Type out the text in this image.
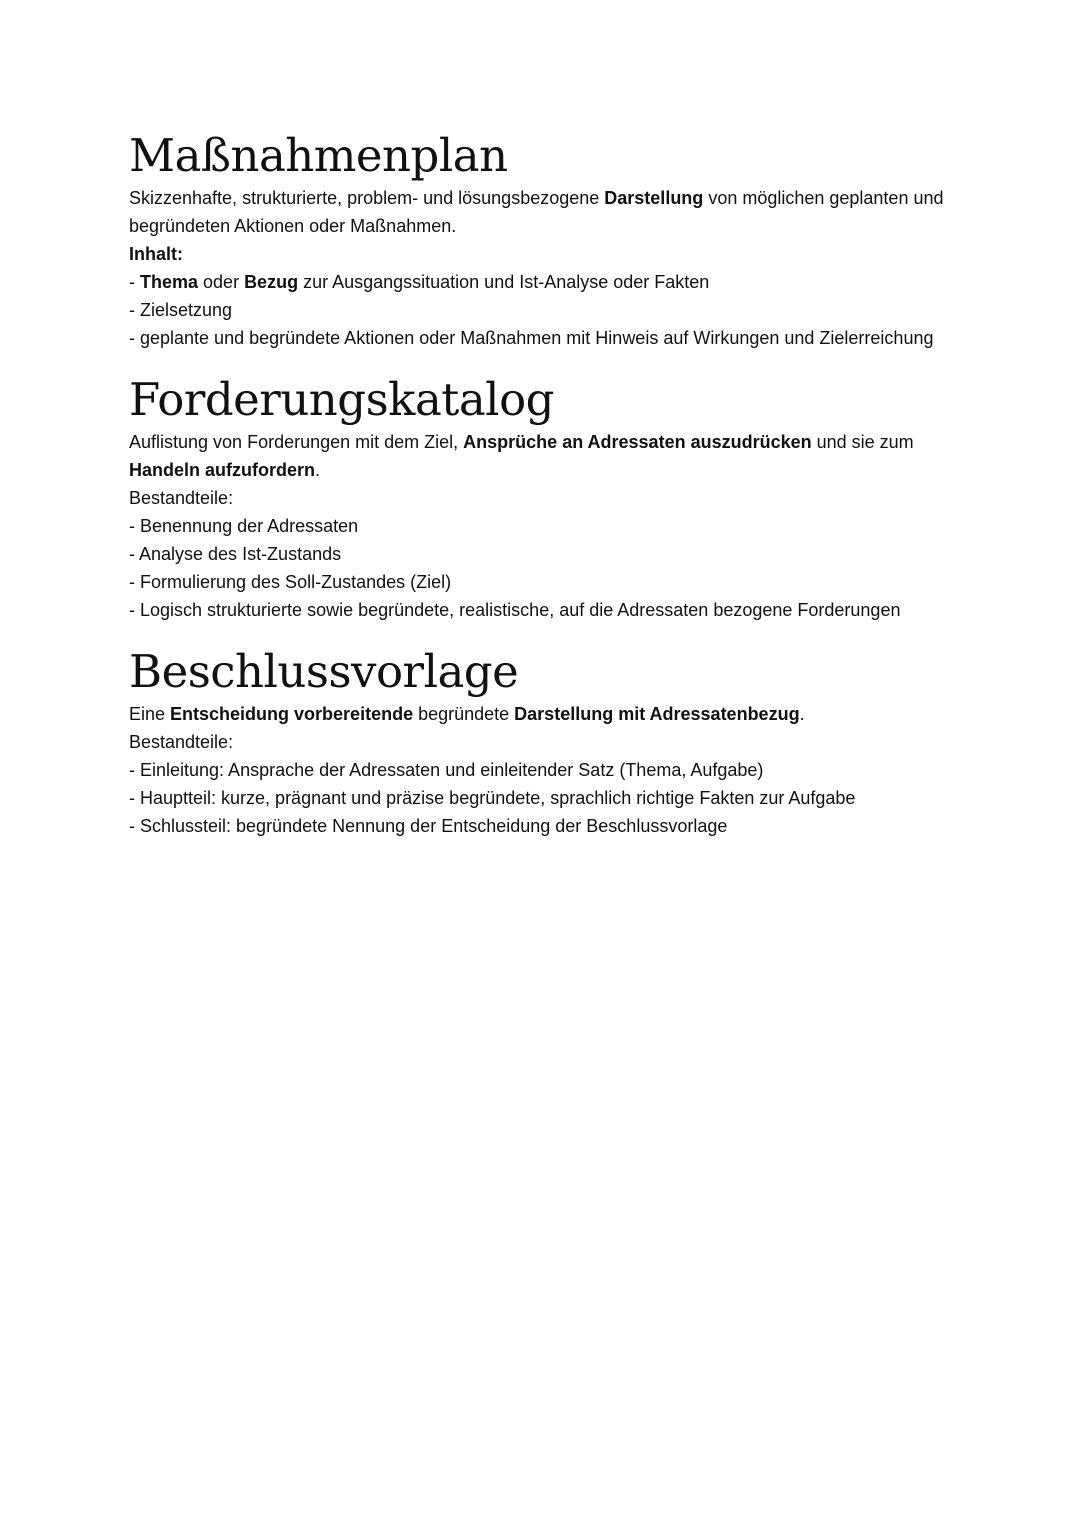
Maßnahmenplan

Skizzenhafte, strukturierte, problem- und lösungsbezogene Darstellung von möglichen geplanten und begründeten Aktionen oder Maßnahmen.

Inhalt:

- Thema oder Bezug zur Ausgangssituation und Ist-Analyse oder Fakten

- Zielsetzung

- geplante und begründete Aktionen oder Maßnahmen mit Hinweis auf Wirkungen und Zielerreichung

Forderungskatalog

Auflistung von Forderungen mit dem Ziel, Ansprüche an Adressaten auszudrücken und sie zum Handeln aufzufordern.

Bestandteile:

- Benennung der Adressaten

- Analyse des Ist-Zustands

- Formulierung des Soll-Zustandes (Ziel)

- Logisch strukturierte sowie begründete, realistische, auf die Adressaten bezogene Forderungen

Beschlussvorlage

Eine Entscheidung vorbereitende begründete Darstellung mit Adressatenbezug.

Bestandteile:

- Einleitung: Ansprache der Adressaten und einleitender Satz (Thema, Aufgabe)

- Hauptteil: kurze, prägnant und präzise begründete, sprachlich richtige Fakten zur Aufgabe

- Schlussteil: begründete Nennung der Entscheidung der Beschlussvorlage
